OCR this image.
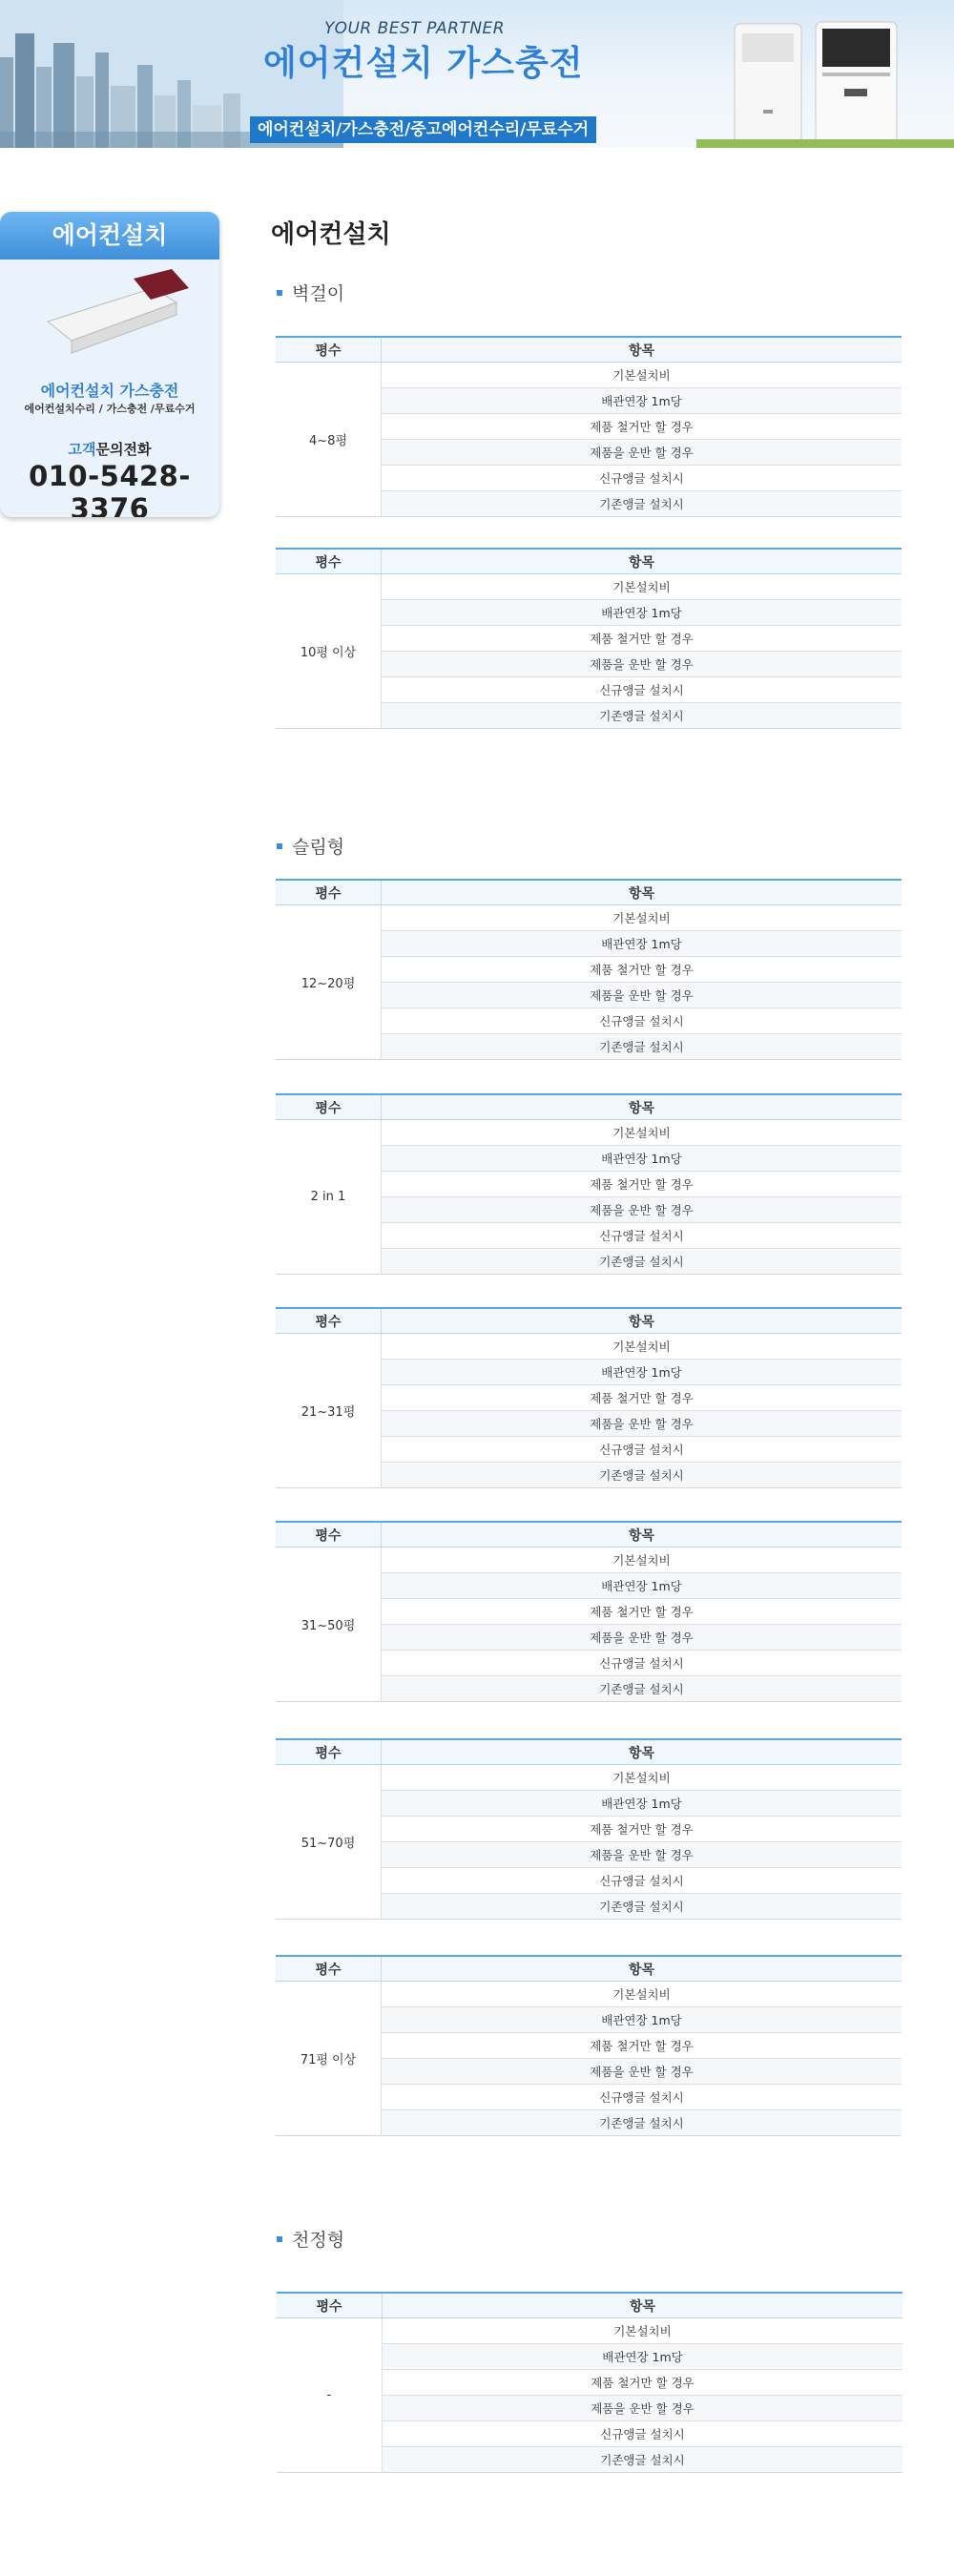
YOUR BEST PARTNER
에어컨설치 가스충전
에어컨설치/가스충전/중고에어컨수리/무료수거
에어컨설치
에어컨설치 가스충전
에어컨설치수리 / 가스충전 /무료수거
고객문의전화
010-5428-3376
에어컨설치
벽걸이
평수	항목
4~8평	기본설치비
	배관연장 1m당
	제품 철거만 할 경우
	제품을 운반 할 경우
	신규앵글 설치시
	기존앵글 설치시
평수	항목
10평 이상	기본설치비
	배관연장 1m당
	제품 철거만 할 경우
	제품을 운반 할 경우
	신규앵글 설치시
	기존앵글 설치시
슬림형
평수	항목
12~20평	기본설치비
	배관연장 1m당
	제품 철거만 할 경우
	제품을 운반 할 경우
	신규앵글 설치시
	기존앵글 설치시
평수	항목
2 in 1	기본설치비
	배관연장 1m당
	제품 철거만 할 경우
	제품을 운반 할 경우
	신규앵글 설치시
	기존앵글 설치시
평수	항목
21~31평	기본설치비
	배관연장 1m당
	제품 철거만 할 경우
	제품을 운반 할 경우
	신규앵글 설치시
	기존앵글 설치시
평수	항목
31~50평	기본설치비
	배관연장 1m당
	제품 철거만 할 경우
	제품을 운반 할 경우
	신규앵글 설치시
	기존앵글 설치시
평수	항목
51~70평	기본설치비
	배관연장 1m당
	제품 철거만 할 경우
	제품을 운반 할 경우
	신규앵글 설치시
	기존앵글 설치시
평수	항목
71평 이상	기본설치비
	배관연장 1m당
	제품 철거만 할 경우
	제품을 운반 할 경우
	신규앵글 설치시
	기존앵글 설치시
천정형
평수	항목
-	기본설치비
	배관연장 1m당
	제품 철거만 할 경우
	제품을 운반 할 경우
	신규앵글 설치시
	기존앵글 설치시
